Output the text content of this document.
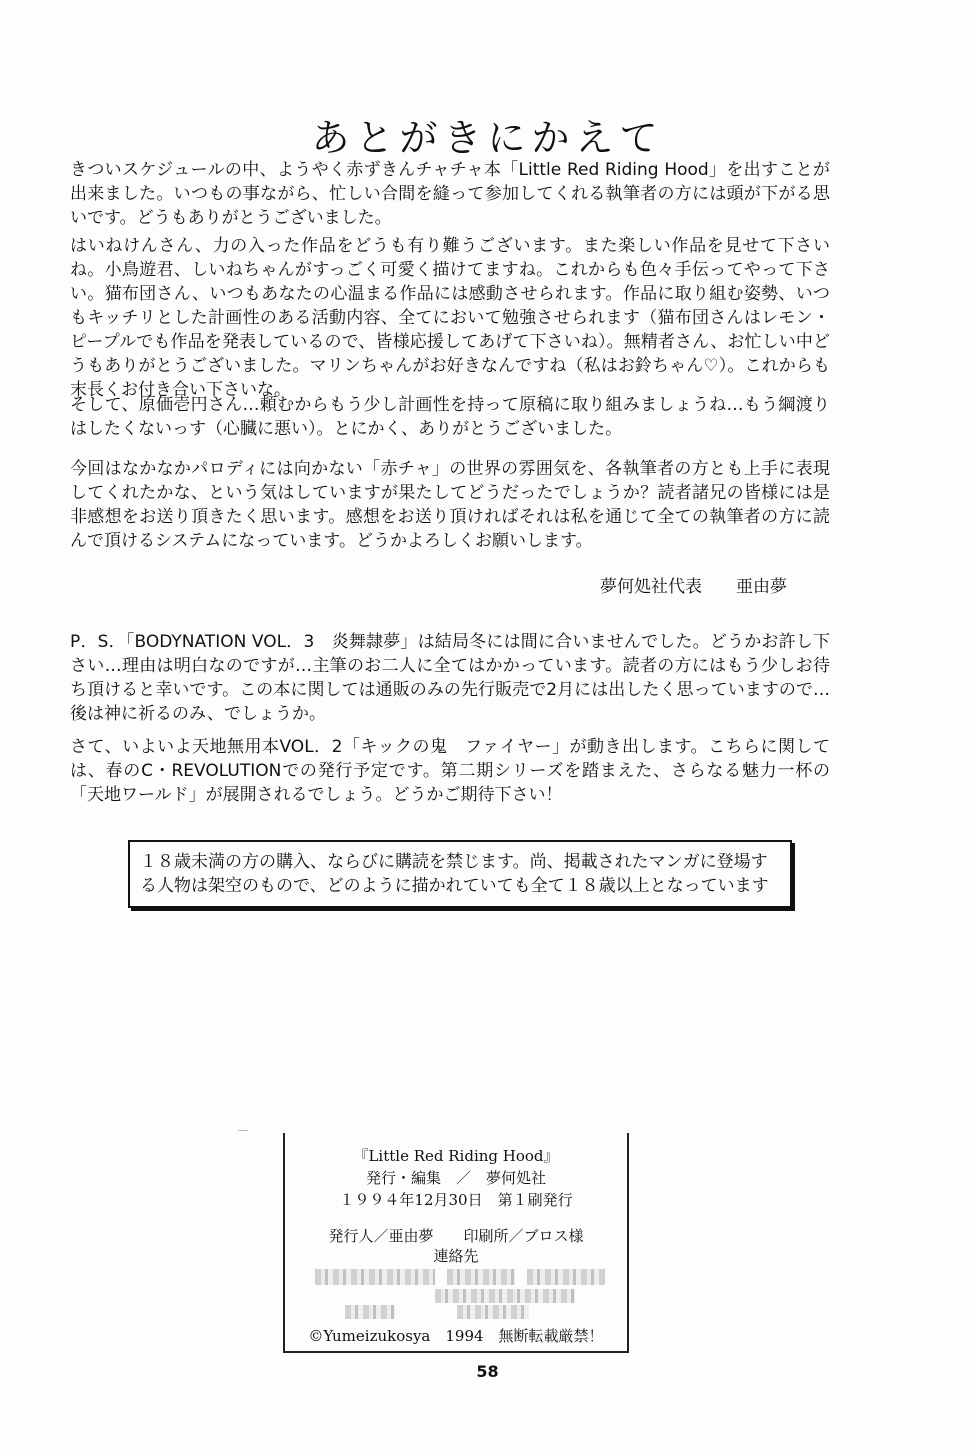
あとがきにかえて

きついスケジュールの中、ようやく赤ずきんチャチャ本「Little Red Riding Hood」を出すことが出来ました。いつもの事ながら、忙しい合間を縫って参加してくれる執筆者の方には頭が下がる思いです。どうもありがとうございました。

はいねけんさん、力の入った作品をどうも有り難うございます。また楽しい作品を見せて下さいね。小鳥遊君、しいねちゃんがすっごく可愛く描けてますね。これからも色々手伝ってやって下さい。猫布団さん、いつもあなたの心温まる作品には感動させられます。作品に取り組む姿勢、いつもキッチリとした計画性のある活動内容、全てにおいて勉強させられます（猫布団さんはレモン・ピープルでも作品を発表しているので、皆様応援してあげて下さいね）。無精者さん、お忙しい中どうもありがとうございました。マリンちゃんがお好きなんですね（私はお鈴ちゃん♡）。これからも末長くお付き合い下さいな。

そして、原価壱円さん…頼むからもう少し計画性を持って原稿に取り組みましょうね…もう綱渡りはしたくないっす（心臓に悪い）。とにかく、ありがとうございました。

今回はなかなかパロディには向かない「赤チャ」の世界の雰囲気を、各執筆者の方とも上手に表現してくれたかな、という気はしていますが果たしてどうだったでしょうか？読者諸兄の皆様には是非感想をお送り頂きたく思います。感想をお送り頂ければそれは私を通じて全ての執筆者の方に読んで頂けるシステムになっています。どうかよろしくお願いします。

夢何処社代表　　亜由夢

P．S．「BODYNATION VOL．3　炎舞隷夢」は結局冬には間に合いませんでした。どうかお許し下さい…理由は明白なのですが…主筆のお二人に全てはかかっています。読者の方にはもう少しお待ち頂けると幸いです。この本に関しては通販のみの先行販売で2月には出したく思っていますので…後は神に祈るのみ、でしょうか。

さて、いよいよ天地無用本VOL．2「キックの鬼　ファイヤー」が動き出します。こちらに関しては、春のC・REVOLUTIONでの発行予定です。第二期シリーズを踏まえた、さらなる魅力一杯の「天地ワールド」が展開されるでしょう。どうかご期待下さい！

１８歳未満の方の購入、ならびに購読を禁じます。尚、掲載されたマンガに登場する人物は架空のもので、どのように描かれていても全て１８歳以上となっています
『Little Red Riding Hood』
発行・編集　／　夢何処社
１９９４年12月30日　第１刷発行
発行人／亜由夢　　印刷所／ブロス様
連絡先
©Yumeizukosya　1994　無断転載厳禁！
58
